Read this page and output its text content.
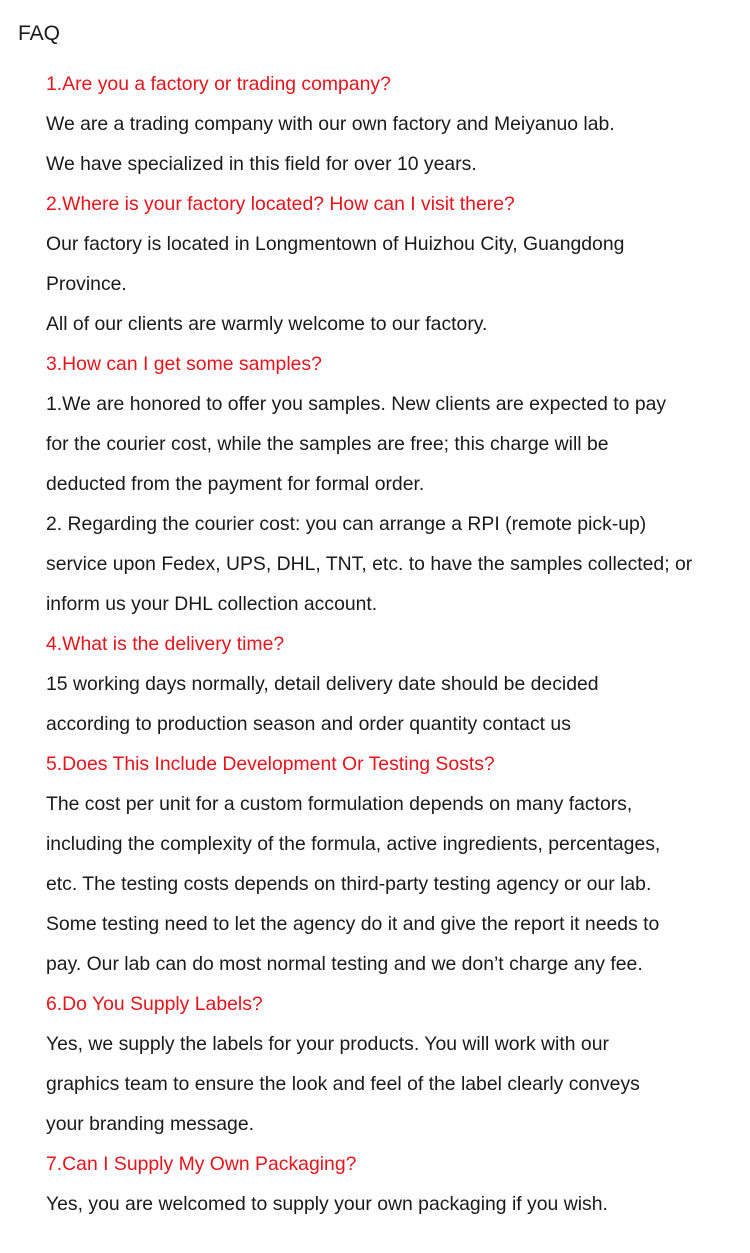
FAQ
1.Are you a factory or trading company?
We are a trading company with our own factory and Meiyanuo lab.
We have specialized in this field for over 10 years.
2.Where is your factory located? How can I visit there?
Our factory is located in Longmentown of Huizhou City, Guangdong
Province.
All of our clients are warmly welcome to our factory.
3.How can I get some samples?
1.We are honored to offer you samples. New clients are expected to pay
for the courier cost, while the samples are free; this charge will be
deducted from the payment for formal order.
2. Regarding the courier cost: you can arrange a RPI (remote pick-up)
service upon Fedex, UPS, DHL, TNT, etc. to have the samples collected; or
inform us your DHL collection account.
4.What is the delivery time?
15 working days normally, detail delivery date should be decided
according to production season and order quantity contact us
5.Does This Include Development Or Testing Sosts?
The cost per unit for a custom formulation depends on many factors,
including the complexity of the formula, active ingredients, percentages,
etc. The testing costs depends on third-party testing agency or our lab.
Some testing need to let the agency do it and give the report it needs to
pay. Our lab can do most normal testing and we don’t charge any fee.
6.Do You Supply Labels?
Yes, we supply the labels for your products. You will work with our
graphics team to ensure the look and feel of the label clearly conveys
your branding message.
7.Can I Supply My Own Packaging?
Yes, you are welcomed to supply your own packaging if you wish.
